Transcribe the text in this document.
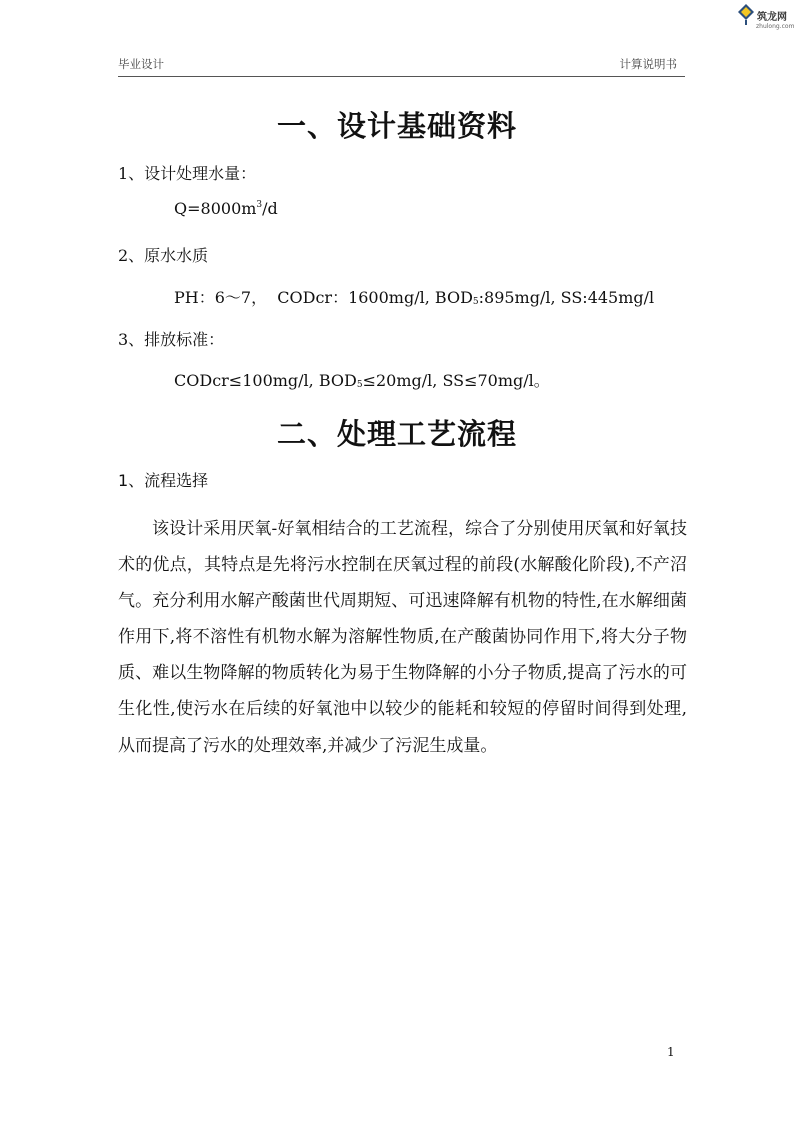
筑龙网
zhulong.com
毕业设计	计算说明书
一、设计基础资料
1、设计处理水量：
$Q=8000m^3/d$
2、原水水质
PH：6～7， CODcr：1600mg/l, $BOD_5:895mg/l$, SS:445mg/l
3、排放标准：
CODcr≤100mg/l, $BOD_5\le 20mg/l$, SS≤70mg/l。
二、处理工艺流程
1、流程选择

该设计采用厌氧-好氧相结合的工艺流程，综合了分别使用厌氧和好氧技术的优点，其特点是先将污水控制在厌氧过程的前段(水解酸化阶段),不产沼气。充分利用水解产酸菌世代周期短、可迅速降解有机物的特性,在水解细菌作用下,将不溶性有机物水解为溶解性物质,在产酸菌协同作用下,将大分子物质、难以生物降解的物质转化为易于生物降解的小分子物质,提高了污水的可生化性,使污水在后续的好氧池中以较少的能耗和较短的停留时间得到处理,从而提高了污水的处理效率,并减少了污泥生成量。

1
